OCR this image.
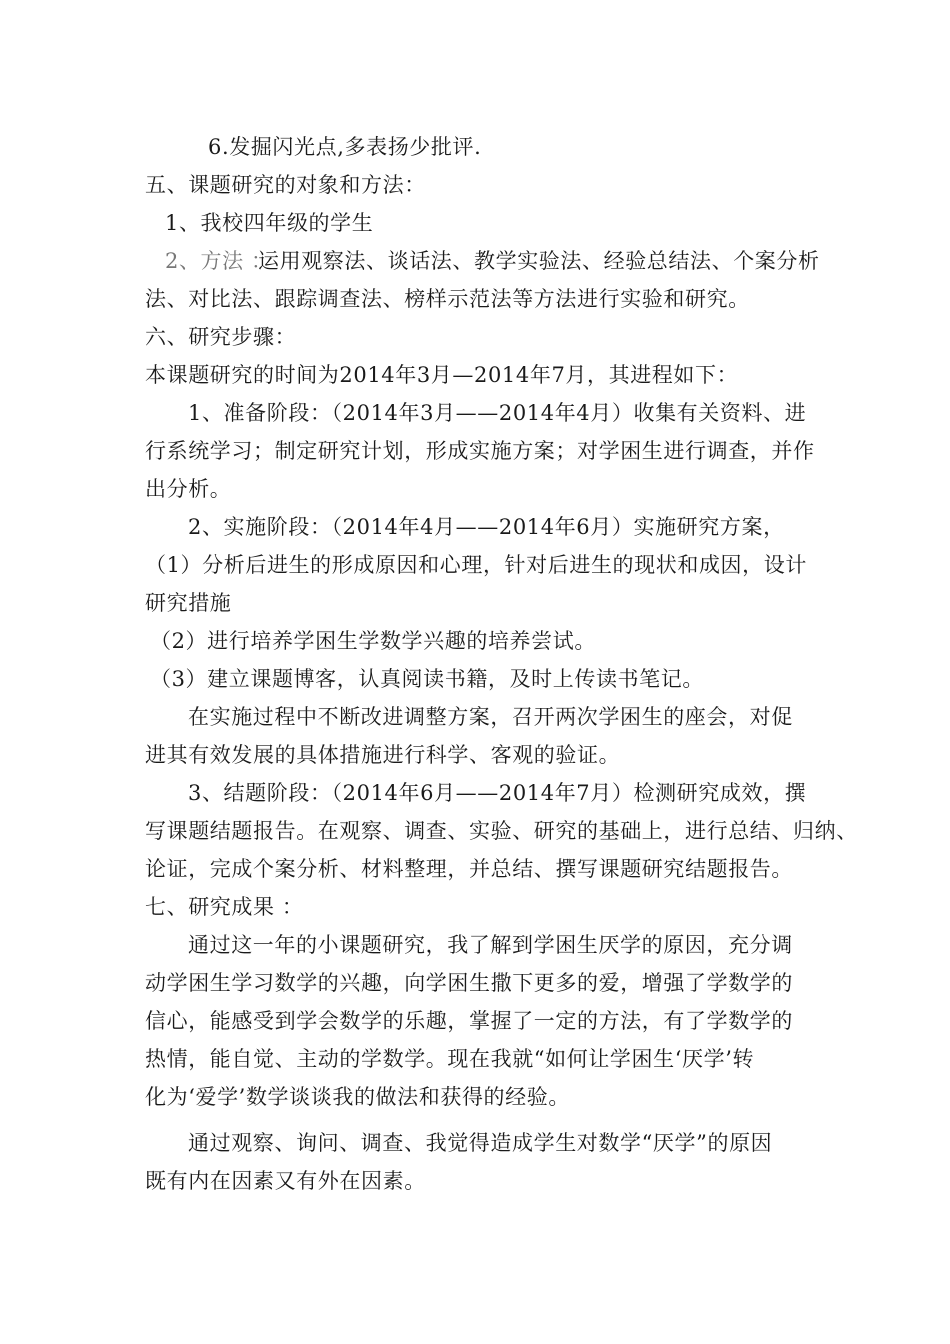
6.发掘闪光点,多表扬少批评.
五、课题研究的对象和方法：
1、我校四年级的学生
2、方法 ：
运用观察法、谈话法、教学实验法、经验总结法、个案分析
法、对比法、跟踪调查法、榜样示范法等方法进行实验和研究。
六、研究步骤：
本课题研究的时间为2014年3月—2014年7月，其进程如下：
1、准备阶段：（2014年3月——2014年4月）收集有关资料、进
行系统学习；制定研究计划，形成实施方案；对学困生进行调查，并作
出分析。
2、实施阶段：（2014年4月——2014年6月）实施研究方案，
（1）分析后进生的形成原因和心理，针对后进生的现状和成因，设计
研究措施
（2）进行培养学困生学数学兴趣的培养尝试。
（3）建立课题博客，认真阅读书籍，及时上传读书笔记。
在实施过程中不断改进调整方案，召开两次学困生的座会，对促
进其有效发展的具体措施进行科学、客观的验证。
3、结题阶段：（2014年6月——2014年7月）检测研究成效，撰
写课题结题报告。在观察、调查、实验、研究的基础上，进行总结、归纳、
论证，完成个案分析、材料整理，并总结、撰写课题研究结题报告。
七、研究成果 ：
通过这一年的小课题研究，我了解到学困生厌学的原因，充分调
动学困生学习数学的兴趣，向学困生撒下更多的爱，增强了学数学的
信心，能感受到学会数学的乐趣，掌握了一定的方法，有了学数学的
热情，能自觉、主动的学数学。现在我就“如何让学困生‘厌学’转
化为‘爱学’数学谈谈我的做法和获得的经验。
通过观察、询问、调查、我觉得造成学生对数学“厌学”的原因
既有内在因素又有外在因素。
